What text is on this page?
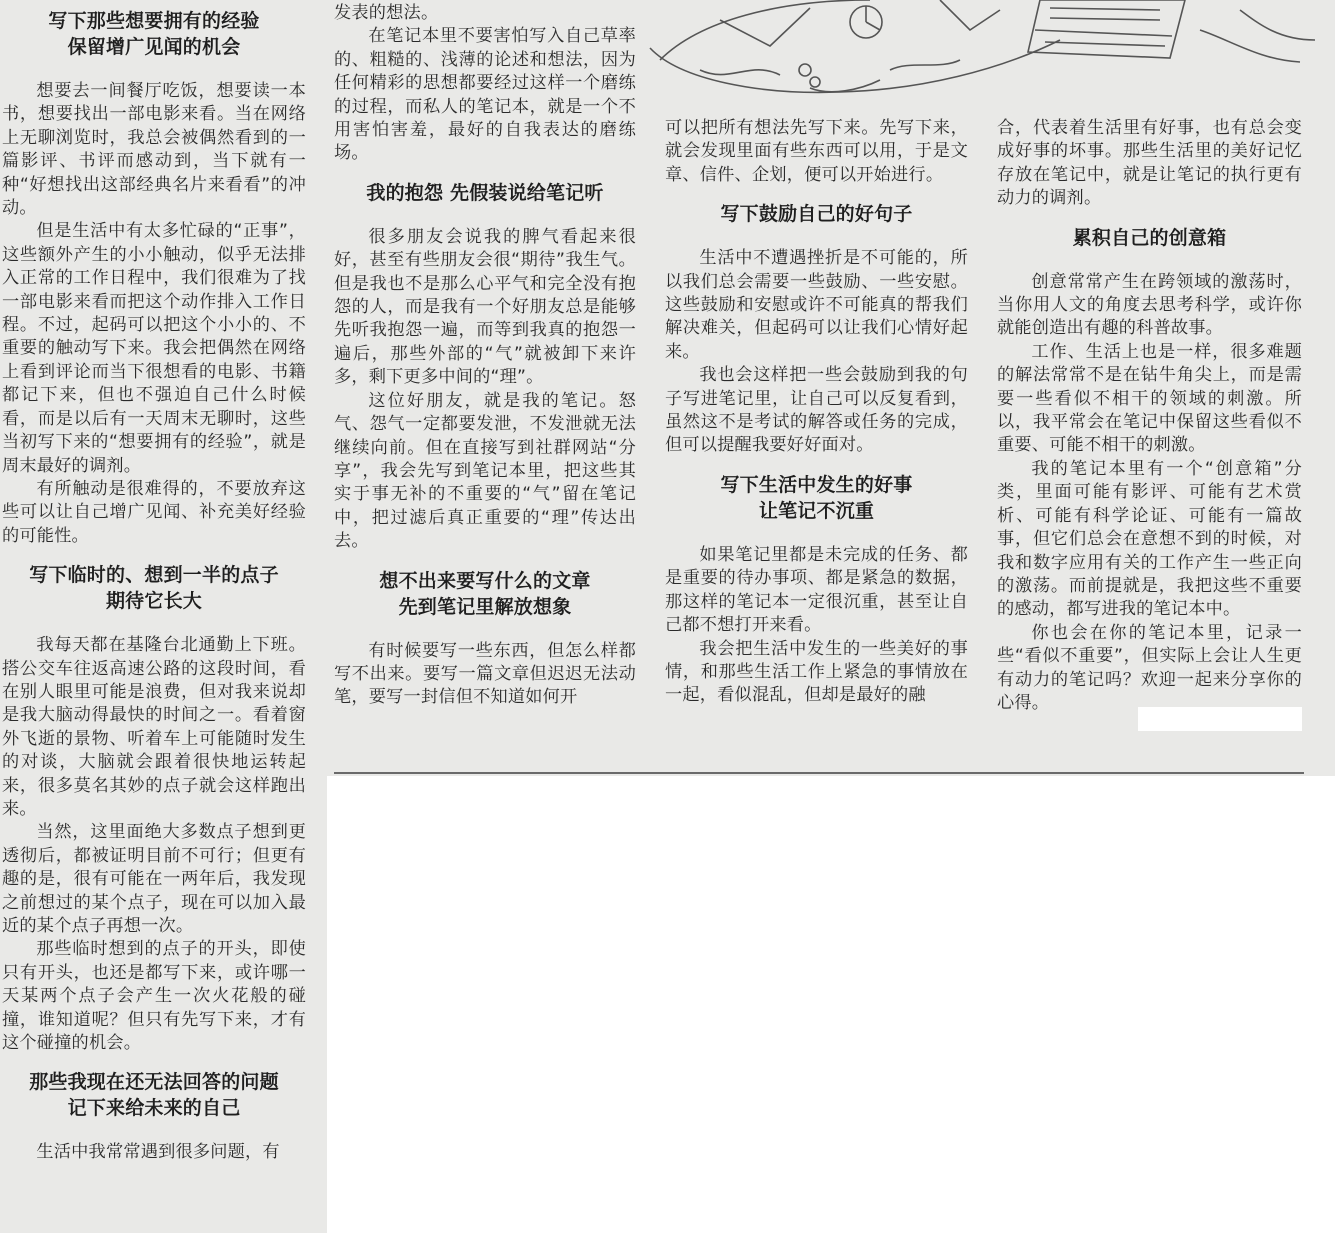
写下那些想要拥有的经验
保留增广见闻的机会

想要去一间餐厅吃饭，想要读一本书，想要找出一部电影来看。当在网络上无聊浏览时，我总会被偶然看到的一篇影评、书评而感动到，当下就有一种“好想找出这部经典名片来看看”的冲动。

但是生活中有太多忙碌的“正事”，这些额外产生的小小触动，似乎无法排入正常的工作日程中，我们很难为了找一部电影来看而把这个动作排入工作日程。不过，起码可以把这个小小的、不重要的触动写下来。我会把偶然在网络上看到评论而当下很想看的电影、书籍都记下来，但也不强迫自己什么时候看，而是以后有一天周末无聊时，这些当初写下来的“想要拥有的经验”，就是周末最好的调剂。

有所触动是很难得的，不要放弃这些可以让自己增广见闻、补充美好经验的可能性。

写下临时的、想到一半的点子
期待它长大

我每天都在基隆台北通勤上下班。搭公交车往返高速公路的这段时间，看在别人眼里可能是浪费，但对我来说却是我大脑动得最快的时间之一。看着窗外飞逝的景物、听着车上可能随时发生的对谈，大脑就会跟着很快地运转起来，很多莫名其妙的点子就会这样跑出来。

当然，这里面绝大多数点子想到更透彻后，都被证明目前不可行；但更有趣的是，很有可能在一两年后，我发现之前想过的某个点子，现在可以加入最近的某个点子再想一次。

那些临时想到的点子的开头，即使只有开头，也还是都写下来，或许哪一天某两个点子会产生一次火花般的碰撞，谁知道呢？但只有先写下来，才有这个碰撞的机会。

那些我现在还无法回答的问题
记下来给未来的自己

生活中我常常遇到很多问题，有

发表的想法。

在笔记本里不要害怕写入自己草率的、粗糙的、浅薄的论述和想法，因为任何精彩的思想都要经过这样一个磨练的过程，而私人的笔记本，就是一个不用害怕害羞，最好的自我表达的磨练场。

我的抱怨 先假装说给笔记听

很多朋友会说我的脾气看起来很好，甚至有些朋友会很“期待”我生气。但是我也不是那么心平气和完全没有抱怨的人，而是我有一个好朋友总是能够先听我抱怨一遍，而等到我真的抱怨一遍后，那些外部的“气”就被卸下来许多，剩下更多中间的“理”。

这位好朋友，就是我的笔记。怒气、怨气一定都要发泄，不发泄就无法继续向前。但在直接写到社群网站“分享”，我会先写到笔记本里，把这些其实于事无补的不重要的“气”留在笔记中，把过滤后真正重要的“理”传达出去。

想不出来要写什么的文章
先到笔记里解放想象

有时候要写一些东西，但怎么样都写不出来。要写一篇文章但迟迟无法动笔，要写一封信但不知道如何开

可以把所有想法先写下来。先写下来，就会发现里面有些东西可以用，于是文章、信件、企划，便可以开始进行。

写下鼓励自己的好句子

生活中不遭遇挫折是不可能的，所以我们总会需要一些鼓励、一些安慰。这些鼓励和安慰或许不可能真的帮我们解决难关，但起码可以让我们心情好起来。

我也会这样把一些会鼓励到我的句子写进笔记里，让自己可以反复看到，虽然这不是考试的解答或任务的完成，但可以提醒我要好好面对。

写下生活中发生的好事
让笔记不沉重

如果笔记里都是未完成的任务、都是重要的待办事项、都是紧急的数据，那这样的笔记本一定很沉重，甚至让自己都不想打开来看。

我会把生活中发生的一些美好的事情，和那些生活工作上紧急的事情放在一起，看似混乱，但却是最好的融

合，代表着生活里有好事，也有总会变成好事的坏事。那些生活里的美好记忆存放在笔记中，就是让笔记的执行更有动力的调剂。

累积自己的创意箱

创意常常产生在跨领域的激荡时，当你用人文的角度去思考科学，或许你就能创造出有趣的科普故事。

工作、生活上也是一样，很多难题的解法常常不是在钻牛角尖上，而是需要一些看似不相干的领域的刺激。所以，我平常会在笔记中保留这些看似不重要、可能不相干的刺激。

我的笔记本里有一个“创意箱”分类，里面可能有影评、可能有艺术赏析、可能有科学论证、可能有一篇故事，但它们总会在意想不到的时候，对我和数字应用有关的工作产生一些正向的激荡。而前提就是，我把这些不重要的感动，都写进我的笔记本中。

你也会在你的笔记本里，记录一些“看似不重要”，但实际上会让人生更有动力的笔记吗？欢迎一起来分享你的心得。
